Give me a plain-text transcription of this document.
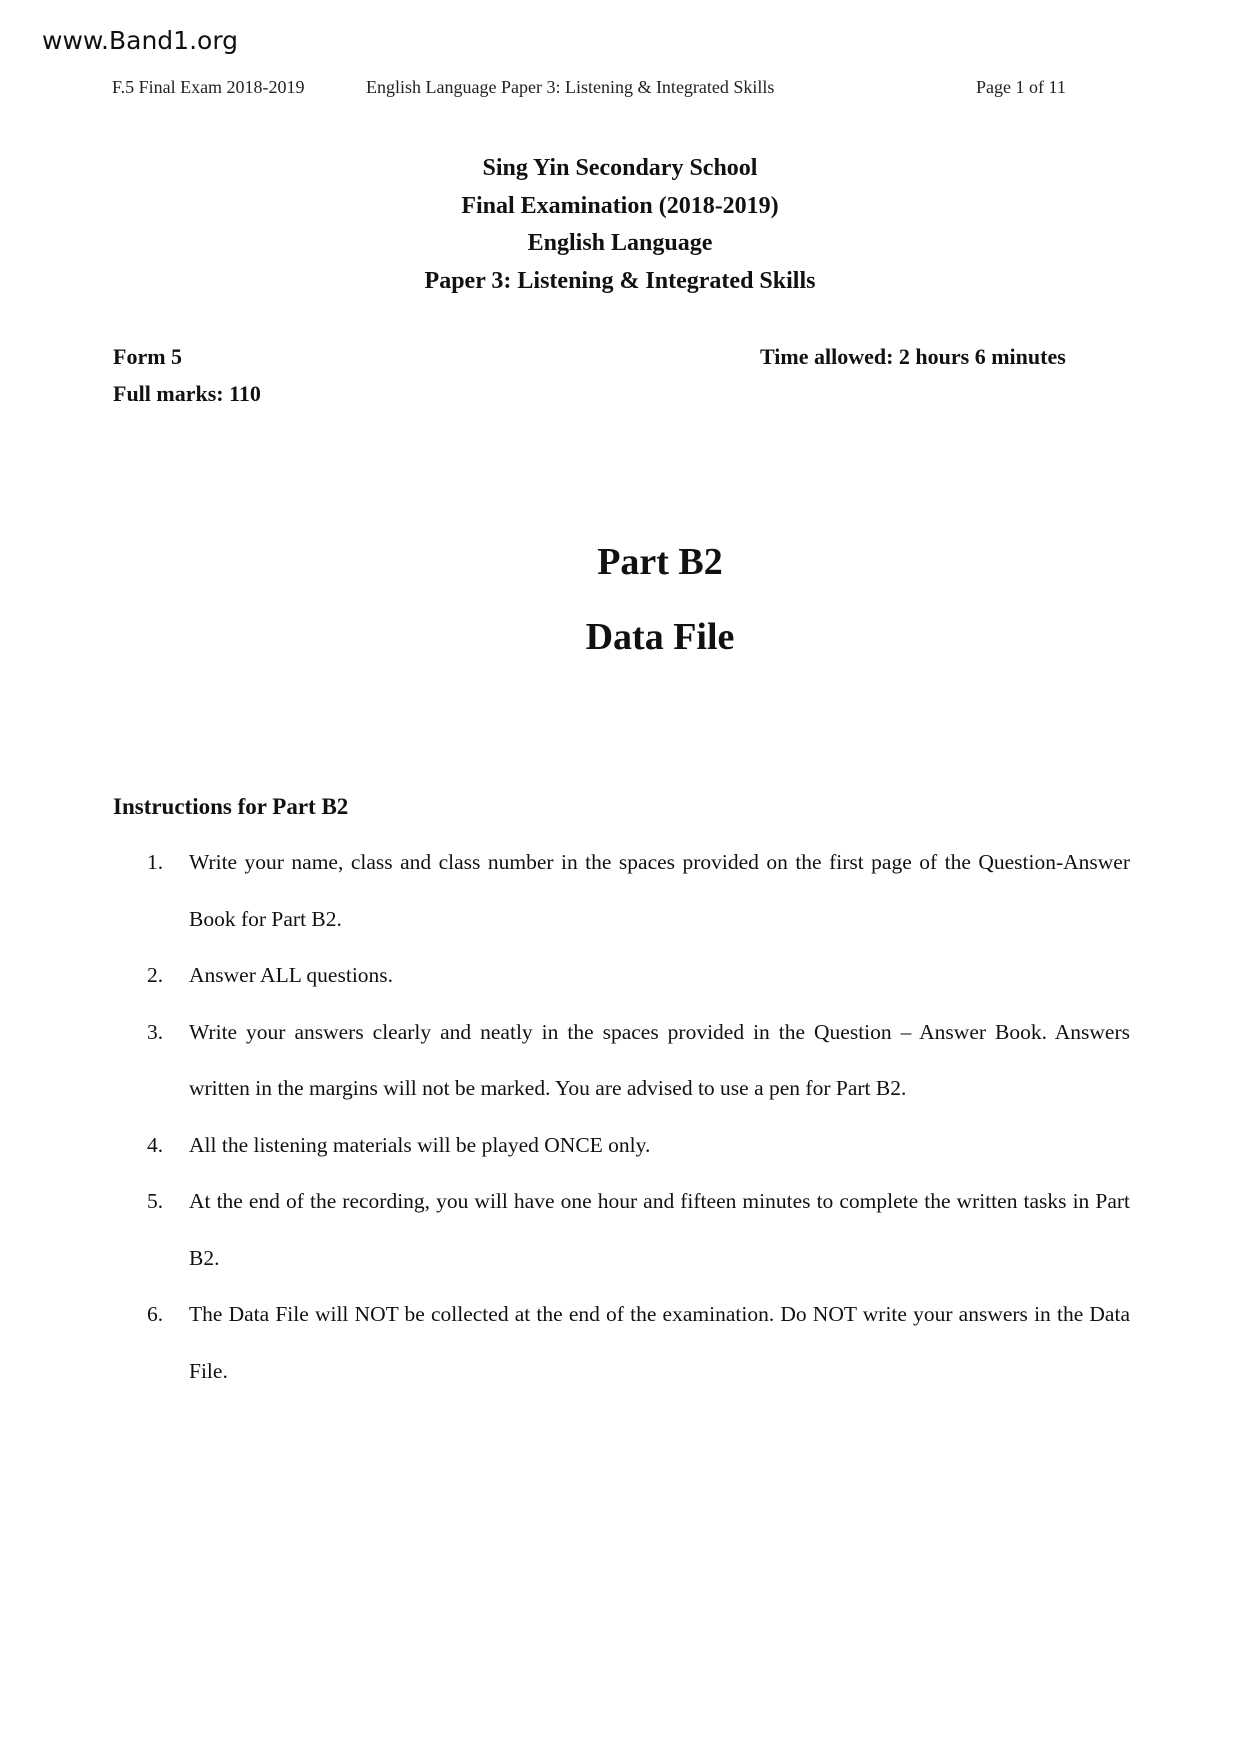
www.Band1.org
F.5 Final Exam 2018-2019	English Language Paper 3: Listening & Integrated Skills	Page 1 of 11
Sing Yin Secondary School
Final Examination (2018-2019)
English Language
Paper 3: Listening & Integrated Skills
Form 5
Full marks: 110
Time allowed: 2 hours 6 minutes
Part B2
Data File
Instructions for Part B2
1. Write your name, class and class number in the spaces provided on the first page of the Question-Answer Book for Part B2.
2. Answer ALL questions.
3. Write your answers clearly and neatly in the spaces provided in the Question – Answer Book. Answers written in the margins will not be marked. You are advised to use a pen for Part B2.
4. All the listening materials will be played ONCE only.
5. At the end of the recording, you will have one hour and fifteen minutes to complete the written tasks in Part B2.
6. The Data File will NOT be collected at the end of the examination. Do NOT write your answers in the Data File.
